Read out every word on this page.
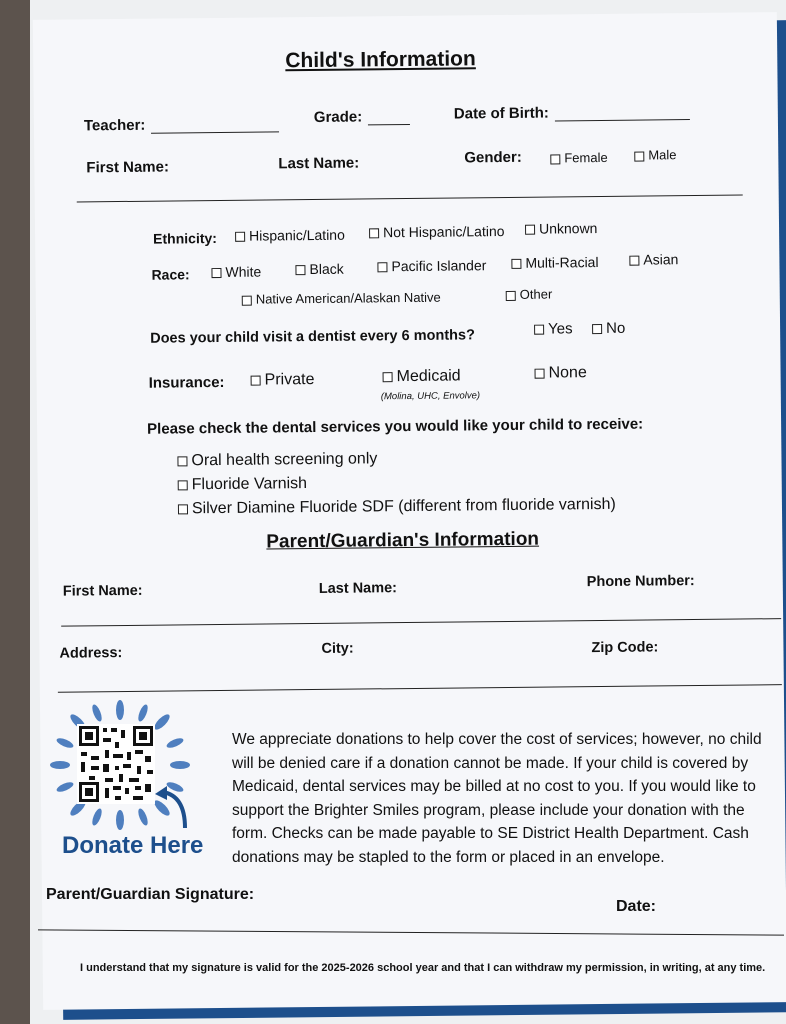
Child's Information
Teacher:	Grade:	Date of Birth:
First Name:	Last Name:	Gender:	Female	Male
Ethnicity:	Hispanic/Latino	Not Hispanic/Latino	Unknown
Race:	White	Black	Pacific Islander	Multi-Racial	Asian
Native American/Alaskan Native	Other
Does your child visit a dentist every 6 months?	Yes	No
Insurance:	Private	Medicaid
(Molina, UHC, Envolve)
None
Please check the dental services you would like your child to receive:
Oral health screening only
Fluoride Varnish
Silver Diamine Fluoride SDF (different from fluoride varnish)
Parent/Guardian's Information
First Name:	Last Name:	Phone Number:
Address:	City:	Zip Code:
Donate Here
We appreciate donations to help cover the cost of services; however, no child will be denied care if a donation cannot be made. If your child is covered by Medicaid, dental services may be billed at no cost to you. If you would like to support the Brighter Smiles program, please include your donation with the form. Checks can be made payable to SE District Health Department. Cash donations may be stapled to the form or placed in an envelope.
Parent/Guardian Signature:
Date:
I understand that my signature is valid for the 2025-2026 school year and that I can withdraw my permission, in writing, at any time.
